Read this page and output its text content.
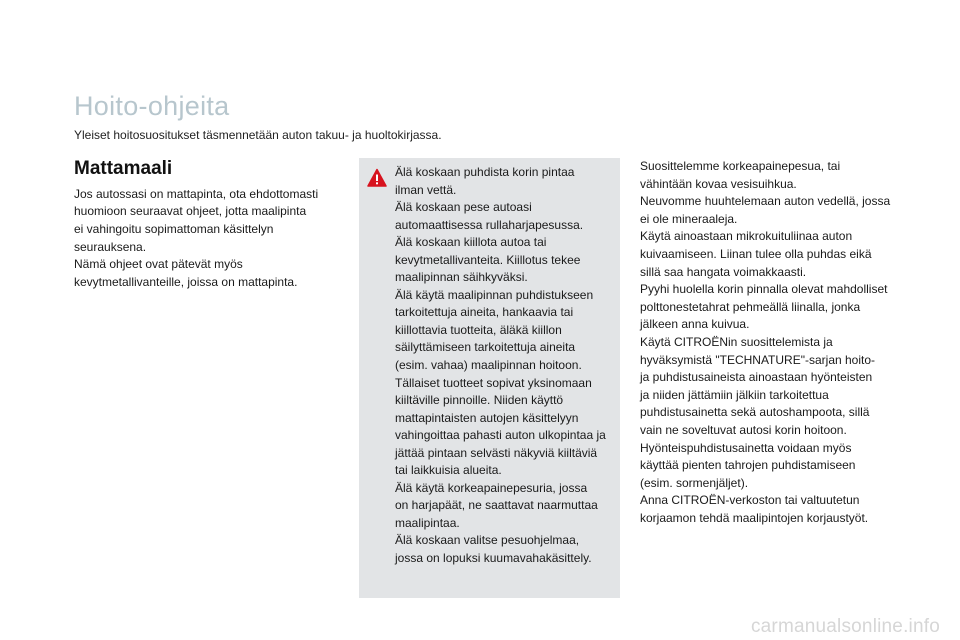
Hoito-ohjeita

Yleiset hoitosuositukset täsmennetään auton takuu- ja huoltokirjassa.

Mattamaali

Jos autossasi on mattapinta, ota ehdottomasti

huomioon seuraavat ohjeet, jotta maalipinta

ei vahingoitu sopimattoman käsittelyn

seurauksena.

Nämä ohjeet ovat pätevät myös

kevytmetallivanteille, joissa on mattapinta.

Älä koskaan puhdista korin pintaa

ilman vettä.

Älä koskaan pese autoasi

automaattisessa rullaharjapesussa.

Älä koskaan kiillota autoa tai

kevytmetallivanteita. Kiillotus tekee

maalipinnan säihkyväksi.

Älä käytä maalipinnan puhdistukseen

tarkoitettuja aineita, hankaavia tai

kiillottavia tuotteita, äläkä kiillon

säilyttämiseen tarkoitettuja aineita

(esim. vahaa) maalipinnan hoitoon.

Tällaiset tuotteet sopivat yksinomaan

kiiltäville pinnoille. Niiden käyttö

mattapintaisten autojen käsittelyyn

vahingoittaa pahasti auton ulkopintaa ja

jättää pintaan selvästi näkyviä kiiltäviä

tai laikkuisia alueita.

Älä käytä korkeapainepesuria, jossa

on harjapäät, ne saattavat naarmuttaa

maalipintaa.

Älä koskaan valitse pesuohjelmaa,

jossa on lopuksi kuumavahakäsittely.

Suosittelemme korkeapainepesua, tai

vähintään kovaa vesisuihkua.

Neuvomme huuhtelemaan auton vedellä, jossa

ei ole mineraaleja.

Käytä ainoastaan mikrokuituliinaa auton

kuivaamiseen. Liinan tulee olla puhdas eikä

sillä saa hangata voimakkaasti.

Pyyhi huolella korin pinnalla olevat mahdolliset

polttonestetahrat pehmeällä liinalla, jonka

jälkeen anna kuivua.

Käytä CITROËNin suosittelemista ja

hyväksymistä "TECHNATURE"-sarjan hoito-

ja puhdistusaineista ainoastaan hyönteisten

ja niiden jättämiin jälkiin tarkoitettua

puhdistusainetta sekä autoshampoota, sillä

vain ne soveltuvat autosi korin hoitoon.

Hyönteispuhdistusainetta voidaan myös

käyttää pienten tahrojen puhdistamiseen

(esim. sormenjäljet).

Anna CITROËN-verkoston tai valtuutetun

korjaamon tehdä maalipintojen korjaustyöt.

carmanualsonline.info
